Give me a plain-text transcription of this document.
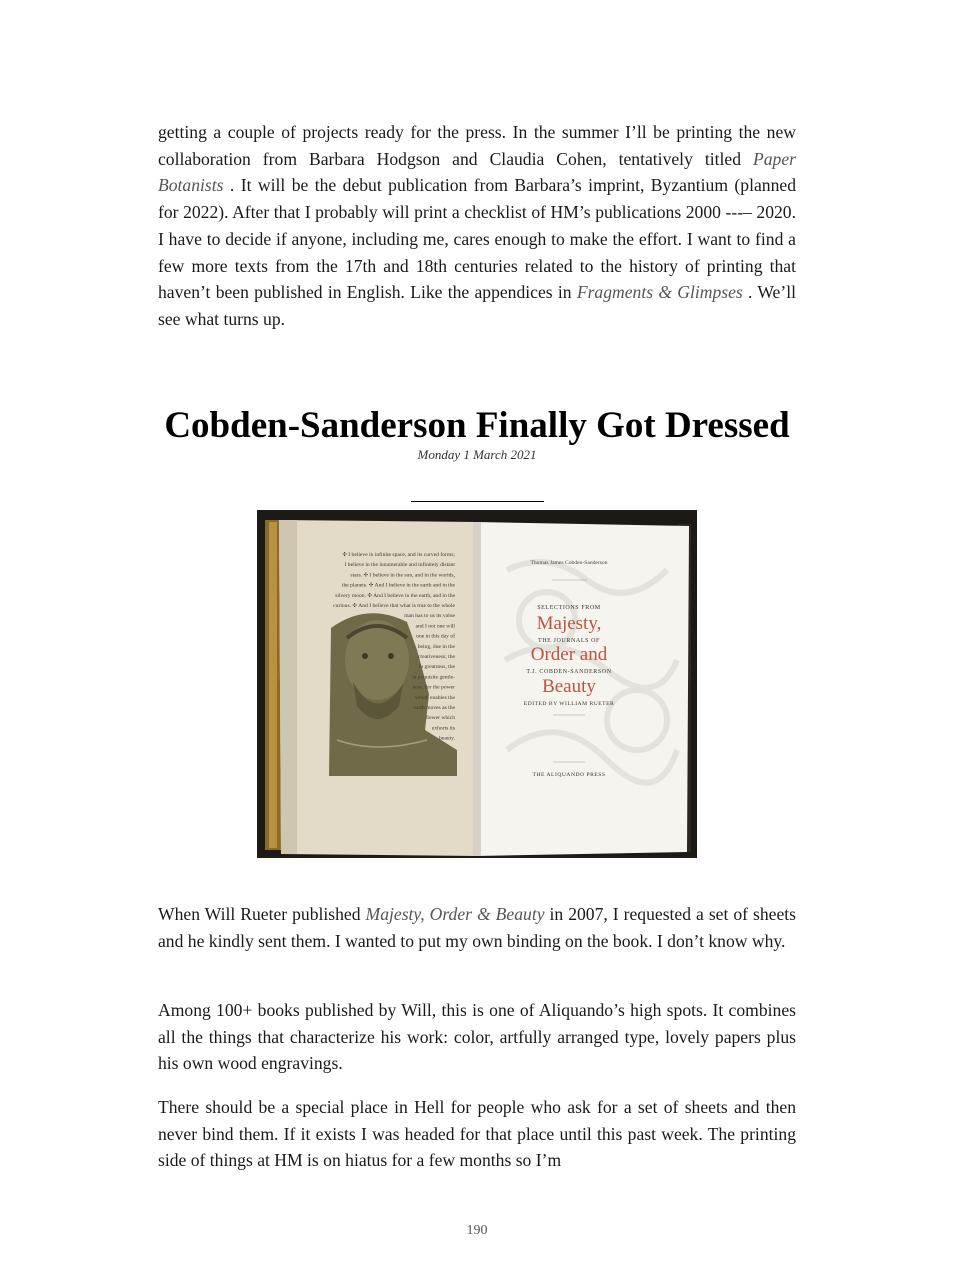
getting a couple of projects ready for the press. In the summer I’ll be printing the new collaboration from Barbara Hodgson and Claudia Cohen, tentatively titled Paper Botanists . It will be the debut publication from Barbara’s imprint, Byzantium (planned for 2022). After that I probably will print a checklist of HM’s publications 2000 ---– 2020. I have to decide if anyone, including me, cares enough to make the effort. I want to find a few more texts from the 17th and 18th centuries related to the history of printing that haven’t been published in English. Like the appendices in Fragments & Glimpses . We’ll see what turns up.

Cobden-Sanderson Finally Got Dressed
Monday 1 March 2021
✣ I believe in infinite space, and its curved forms;
I believe in the innumerable and infinitely distant
stars. ✣ I believe in the sun, and in the worlds,
the planets. ✣ And I believe in the earth and in the
silvery moon. ✣ And I believe in the earth, and in the
curious. ✣ And I believe that what is true to the whole
man has to us its value
and I not one will
one in this day of
being, due in the
creativeness; the
in greatness, the
in exquisite gentle-
ness, for the power
which enables the
earth moves as the
flower which
exhorts its
beauty.
Thomas James Cobden-Sanderson
SELECTIONS FROM
Majesty,
THE JOURNALS OF
Order and
T.J. COBDEN-SANDERSON
Beauty
EDITED BY WILLIAM RUETER
THE ALIQUANDO PRESS

When Will Rueter published Majesty, Order & Beauty in 2007, I requested a set of sheets and he kindly sent them. I wanted to put my own binding on the book. I don’t know why.

Among 100+ books published by Will, this is one of Aliquando’s high spots. It combines all the things that characterize his work: color, artfully arranged type, lovely papers plus his own wood engravings.

There should be a special place in Hell for people who ask for a set of sheets and then never bind them. If it exists I was headed for that place until this past week. The printing side of things at HM is on hiatus for a few months so I’m

190
